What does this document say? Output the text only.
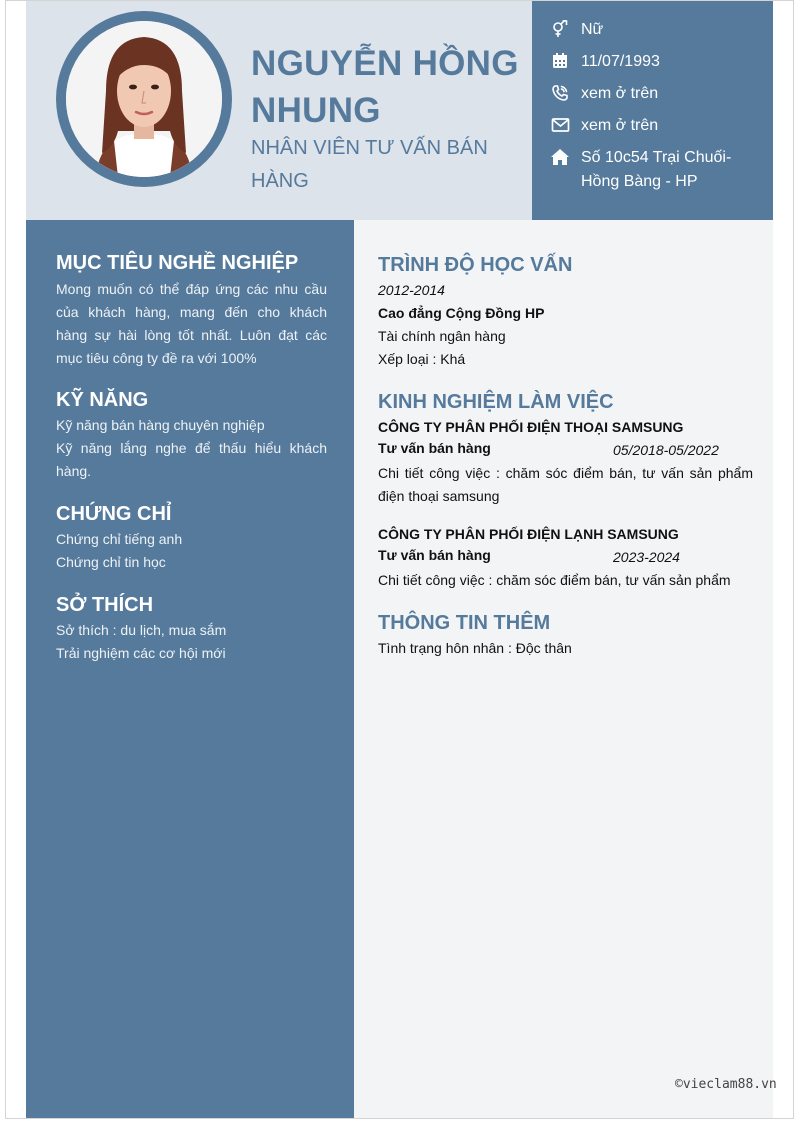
NGUYỄN HỒNG NHUNG
NHÂN VIÊN TƯ VẤN BÁN HÀNG
Nữ
11/07/1993
xem ở trên
xem ở trên
Số 10c54 Trại Chuối- Hồng Bàng - HP
MỤC TIÊU NGHỀ NGHIỆP
Mong muốn có thể đáp ứng các nhu cầu của khách hàng, mang đến cho khách hàng sự hài lòng tốt nhất. Luôn đạt các mục tiêu công ty đề ra với 100%
KỸ NĂNG
Kỹ năng bán hàng chuyên nghiệp
Kỹ năng lắng nghe để thấu hiểu khách hàng.
CHỨNG CHỈ
Chứng chỉ tiếng anh
Chứng chỉ tin học
SỞ THÍCH
Sở thích : du lịch, mua sắm
Trải nghiệm các cơ hội mới
TRÌNH ĐỘ HỌC VẤN
2012-2014
Cao đẳng Cộng Đồng HP
Tài chính ngân hàng
Xếp loại : Khá
KINH NGHIỆM LÀM VIỆC
CÔNG TY PHÂN PHỐI ĐIỆN THOẠI SAMSUNG
Tư vấn bán hàng	05/2018-05/2022
Chi tiết công việc : chăm sóc điểm bán, tư vấn sản phẩm điện thoại samsung
CÔNG TY PHÂN PHỐI ĐIỆN LẠNH SAMSUNG
Tư vấn bán hàng	2023-2024
Chi tiết công việc : chăm sóc điểm bán, tư vấn sản phẩm
THÔNG TIN THÊM
Tình trạng hôn nhân : Độc thân
©vieclam88.vn
